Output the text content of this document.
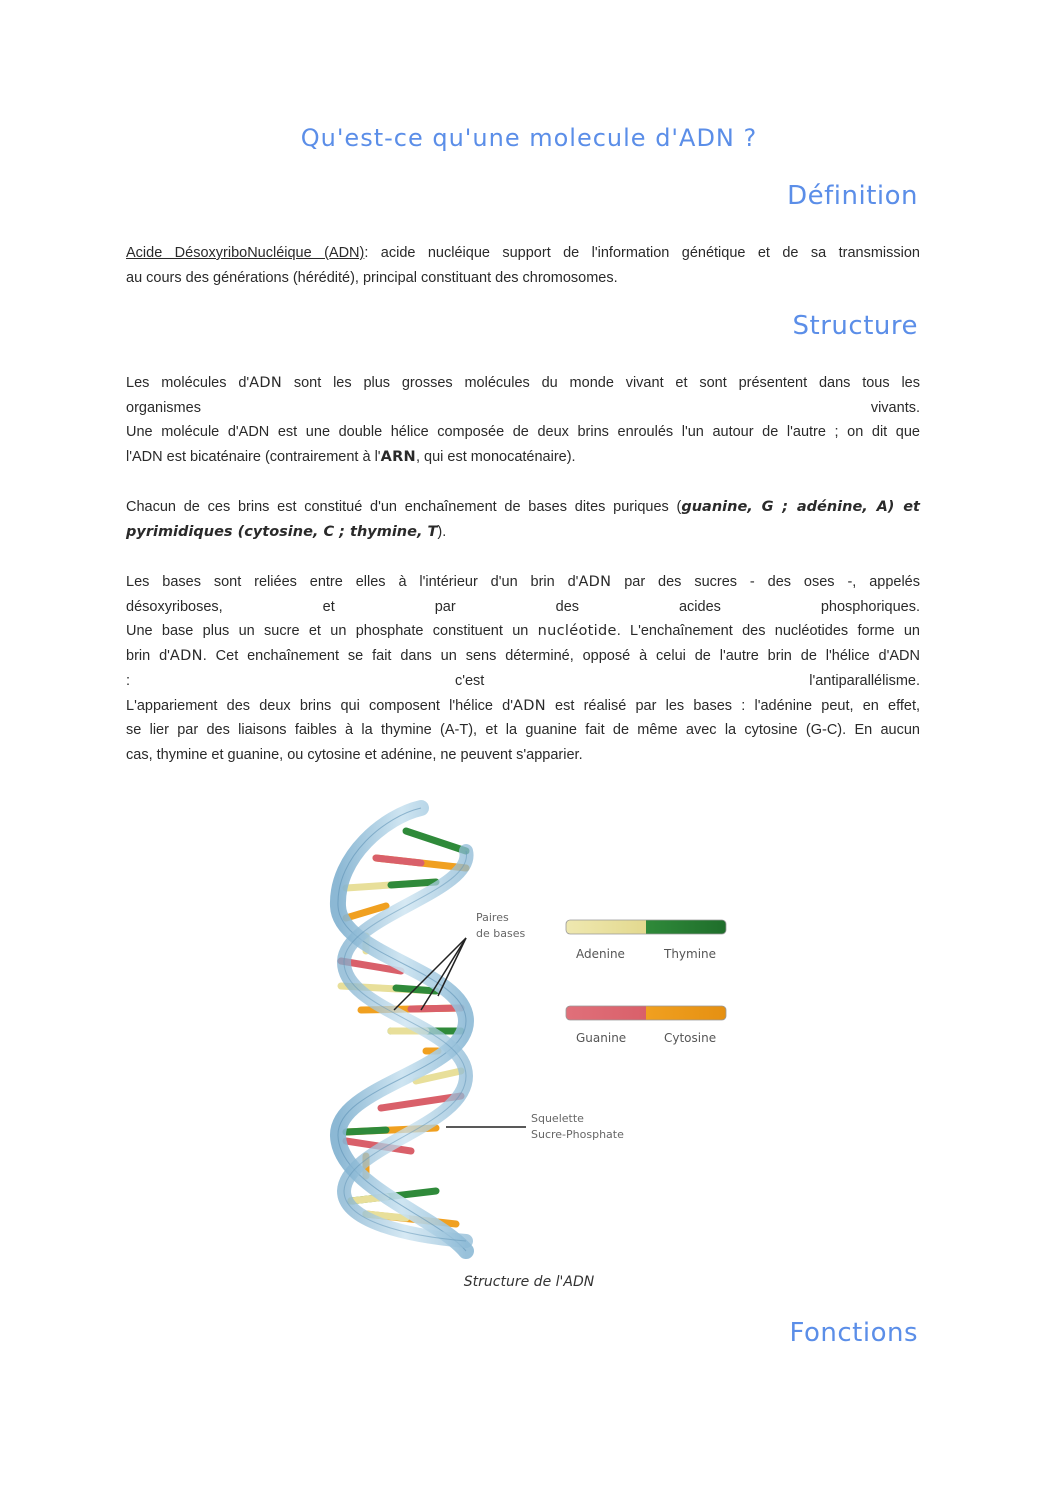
Qu'est-ce qu'une molecule d'ADN ?
Définition
Acide DésoxyriboNucléique (ADN): acide nucléique support de l'information génétique et de sa transmission
au cours des générations (hérédité), principal constituant des chromosomes.
Structure
Les molécules d'ADN sont les plus grosses molécules du monde vivant et sont présentent dans tous les
organismes vivants.
Une molécule d'ADN est une double hélice composée de deux brins enroulés l'un autour de l'autre ; on dit que
l'ADN est bicaténaire (contrairement à l'ARN, qui est monocaténaire).
Chacun de ces brins est constitué d'un enchaînement de bases dites puriques (guanine, G ; adénine, A) et
pyrimidiques (cytosine, C ; thymine, T).
Les bases sont reliées entre elles à l'intérieur d'un brin d'ADN par des sucres - des oses -, appelés
désoxyriboses, et par des acides phosphoriques.
Une base plus un sucre et un phosphate constituent un nucléotide. L'enchaînement des nucléotides forme un
brin d'ADN. Cet enchaînement se fait dans un sens déterminé, opposé à celui de l'autre brin de l'hélice d'ADN
: c'est l'antiparallélisme.
L'appariement des deux brins qui composent l'hélice d'ADN est réalisé par les bases : l'adénine peut, en effet,
se lier par des liaisons faibles à la thymine (A-T), et la guanine fait de même avec la cytosine (G-C). En aucun
cas, thymine et guanine, ou cytosine et adénine, ne peuvent s'apparier.
Paires
de bases
Squelette
Sucre-Phosphate
Adenine	Thymine
Guanine	Cytosine
Structure de l'ADN
Fonctions
